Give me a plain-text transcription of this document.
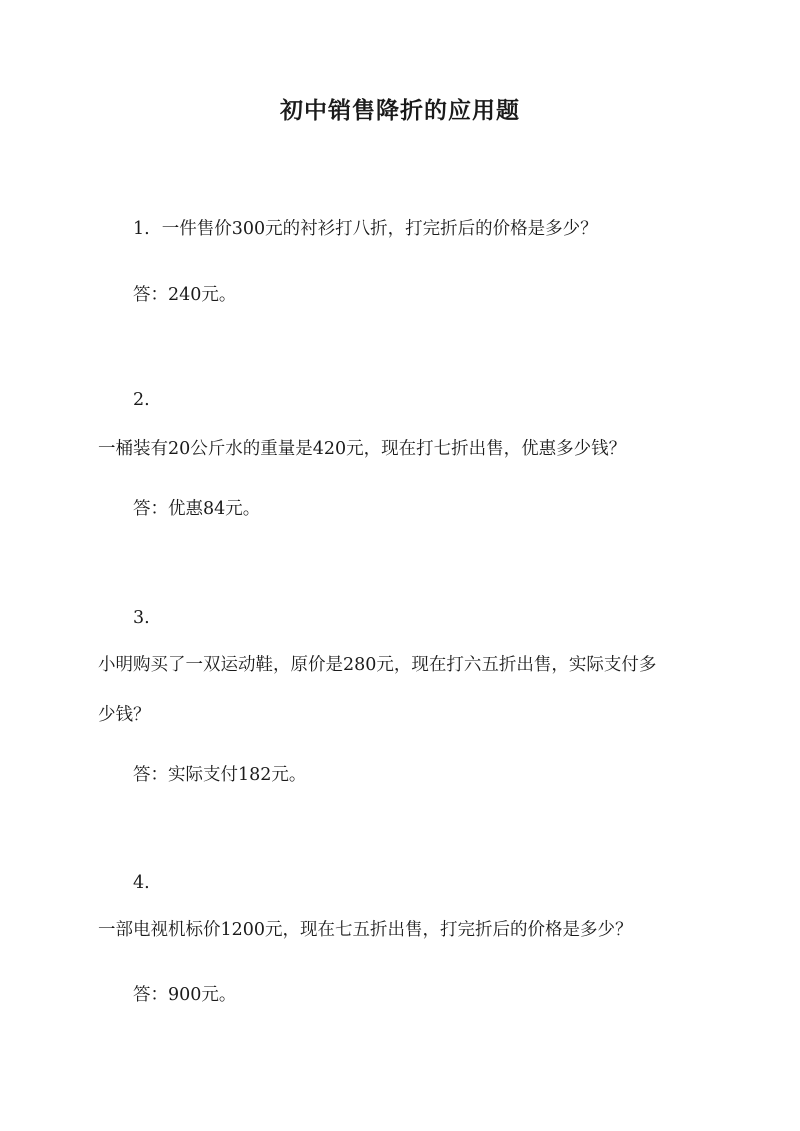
初中销售降折的应用题
1. 一件售价300元的衬衫打八折，打完折后的价格是多少？
答：240元。
2.
一桶装有20公斤水的重量是420元，现在打七折出售，优惠多少钱？
答：优惠84元。
3.
小明购买了一双运动鞋，原价是280元，现在打六五折出售，实际支付多
少钱？
答：实际支付182元。
4.
一部电视机标价1200元，现在七五折出售，打完折后的价格是多少？
答：900元。
